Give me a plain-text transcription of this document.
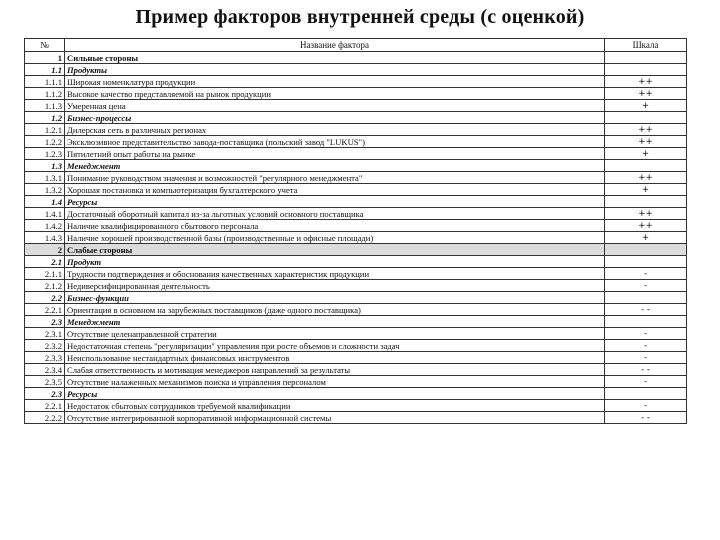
Пример факторов внутренней среды (с оценкой)
№	Название фактора	Шкала
1	Сильные стороны	
1.1	Продукты	
1.1.1	Широкая номенклатура продукции	++
1.1.2	Высокое качество представляемой на рынок продукции	++
1.1.3	Умеренная цена	+
1.2	Бизнес-процессы	
1.2.1	Дилерская сеть в различных регионах	++
1.2.2	Эксклюзивное представительство завода-поставщика (польский завод "LUKUS")	++
1.2.3	Пятилетний опыт работы на рынке	+
1.3	Менеджмент	
1.3.1	Понимание руководством значения и возможностей "регулярного менеджмента"	++
1.3.2	Хорошая постановка и компьютеризация бухгалтерского учета	+
1.4	Ресурсы	
1.4.1	Достаточный оборотный капитал из-за льготных условий основного поставщика	++
1.4.2	Наличие квалифицированного сбытового персонала	++
1.4.3	Наличие хорошей производственной базы (производственные и офисные площади)	+
2	Слабые стороны	
2.1	Продукт	
2.1.1	Трудности подтверждения и обоснования качественных характеристик продукции	-
2.1.2	Недиверсифицированная деятельность	-
2.2	Бизнес-функции	
2.2.1	Ориентация в основном на зарубежных поставщиков (даже одного поставщика)	- -
2.3	Менеджмент	
2.3.1	Отсутствие целенаправленной стратегии	-
2.3.2	Недостаточная степень "регуляризации" управления при росте объемов и сложности задач	-
2.3.3	Неиспользование нестандартных финансовых инструментов	-
2.3.4	Слабая ответственность и мотивация менеджеров направлений за результаты	- -
2.3.5	Отсутствие налаженных механизмов поиска и управления персоналом	-
2.3	Ресурсы	
2.2.1	Недостаток сбытовых сотрудников требуемой квалификации	-
2.2.2	Отсутствие интегрированной корпоративной информационной системы	- -
